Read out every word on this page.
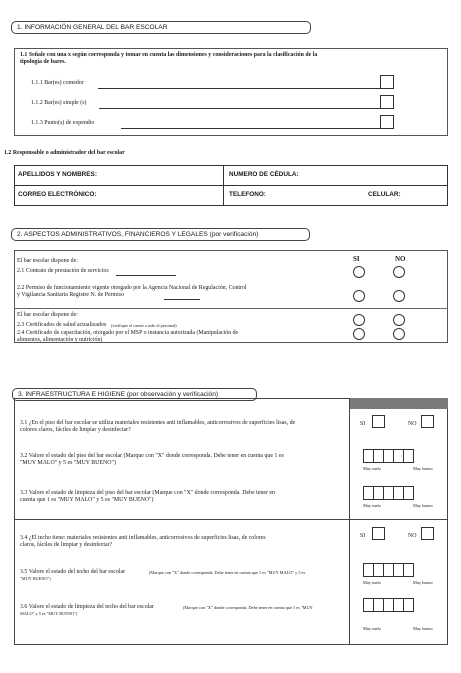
1. INFORMACIÓN GENERAL DEL BAR ESCOLAR
1.1 Señale con una x según corresponda y tomar en cuenta las dimensiones y consideraciones para la clasificación de la
tipología de bares.
1.1.1 Bar(es) comedor
1.1.2 Bar(es) simple (s)
1.1.3 Punto(s) de expendio
1.2 Responsable o administrador del bar escolar
APELLIDOS Y NOMBRES:	NUMERO DE CÉDULA:
CORREO ELECTRÓNICO:	TELEFONO:	CELULAR:
2. ASPECTOS ADMINISTRATIVOS, FINANCIEROS Y LEGALES (por verificación)
SI	NO
El bar escolar dispone de:
2.1 Contrato de prestación de servicios
2.2 Permiso de funcionamiento vigente otorgado por la Agencia Nacional de Regulación, Control
y Vigilancia Sanitaria Registre N. de Permiso
El bar escolar dispone de:
2.3 Certificados de salud actualizados (verifique el carnet a todo el personal)
2.4 Certificado de capacitación, otorgado por el MSP o instancia autorizada (Manipulación de
alimentos, alimentación y nutrición)
3. INFRAESTRUCTURA E HIGIENE (por observación y verificación)
3.1 ¿En el piso del bar escolar se utiliza materiales resistentes anti inflamables, anticorrosivos de superficies lisas, de
colores claros, fáciles de limpiar y desinfectar?
SI	NO
3.2 Valore el estado del piso del bar escolar (Marque con "X" donde corresponda. Debe tener en cuenta que 1 es
"MUY MALO" y 5 es "MUY BUENO")
Muy malo	Muy bueno
3.3 Valore el estado de limpieza del piso del bar escolar (Marque con "X" donde corresponda. Debe tener en
cuenta que 1 es "MUY MALO" y 5 es "MUY BUENO")
Muy malo	Muy bueno
3.4 ¿El techo tiene: materiales resistentes anti inflamables, anticorrosivos de superficies lisas, de colores
claros, fáciles de limpiar y desinfectar?
SI	NO
3.5 Valore el estado del techo del bar escolar	(Marque con "X" donde corresponda. Debe tener en cuenta que 1 es "MUY MALO" y 5 es
"MUY BUENO")
Muy malo	Muy bueno
3.6 Valore el estado de limpieza del techo del bar escolar	(Marque con "X" donde corresponda. Debe tener en cuenta que 1 es "MUY
MALO" y 5 es "MUY BUENO")
Muy malo	Muy bueno
